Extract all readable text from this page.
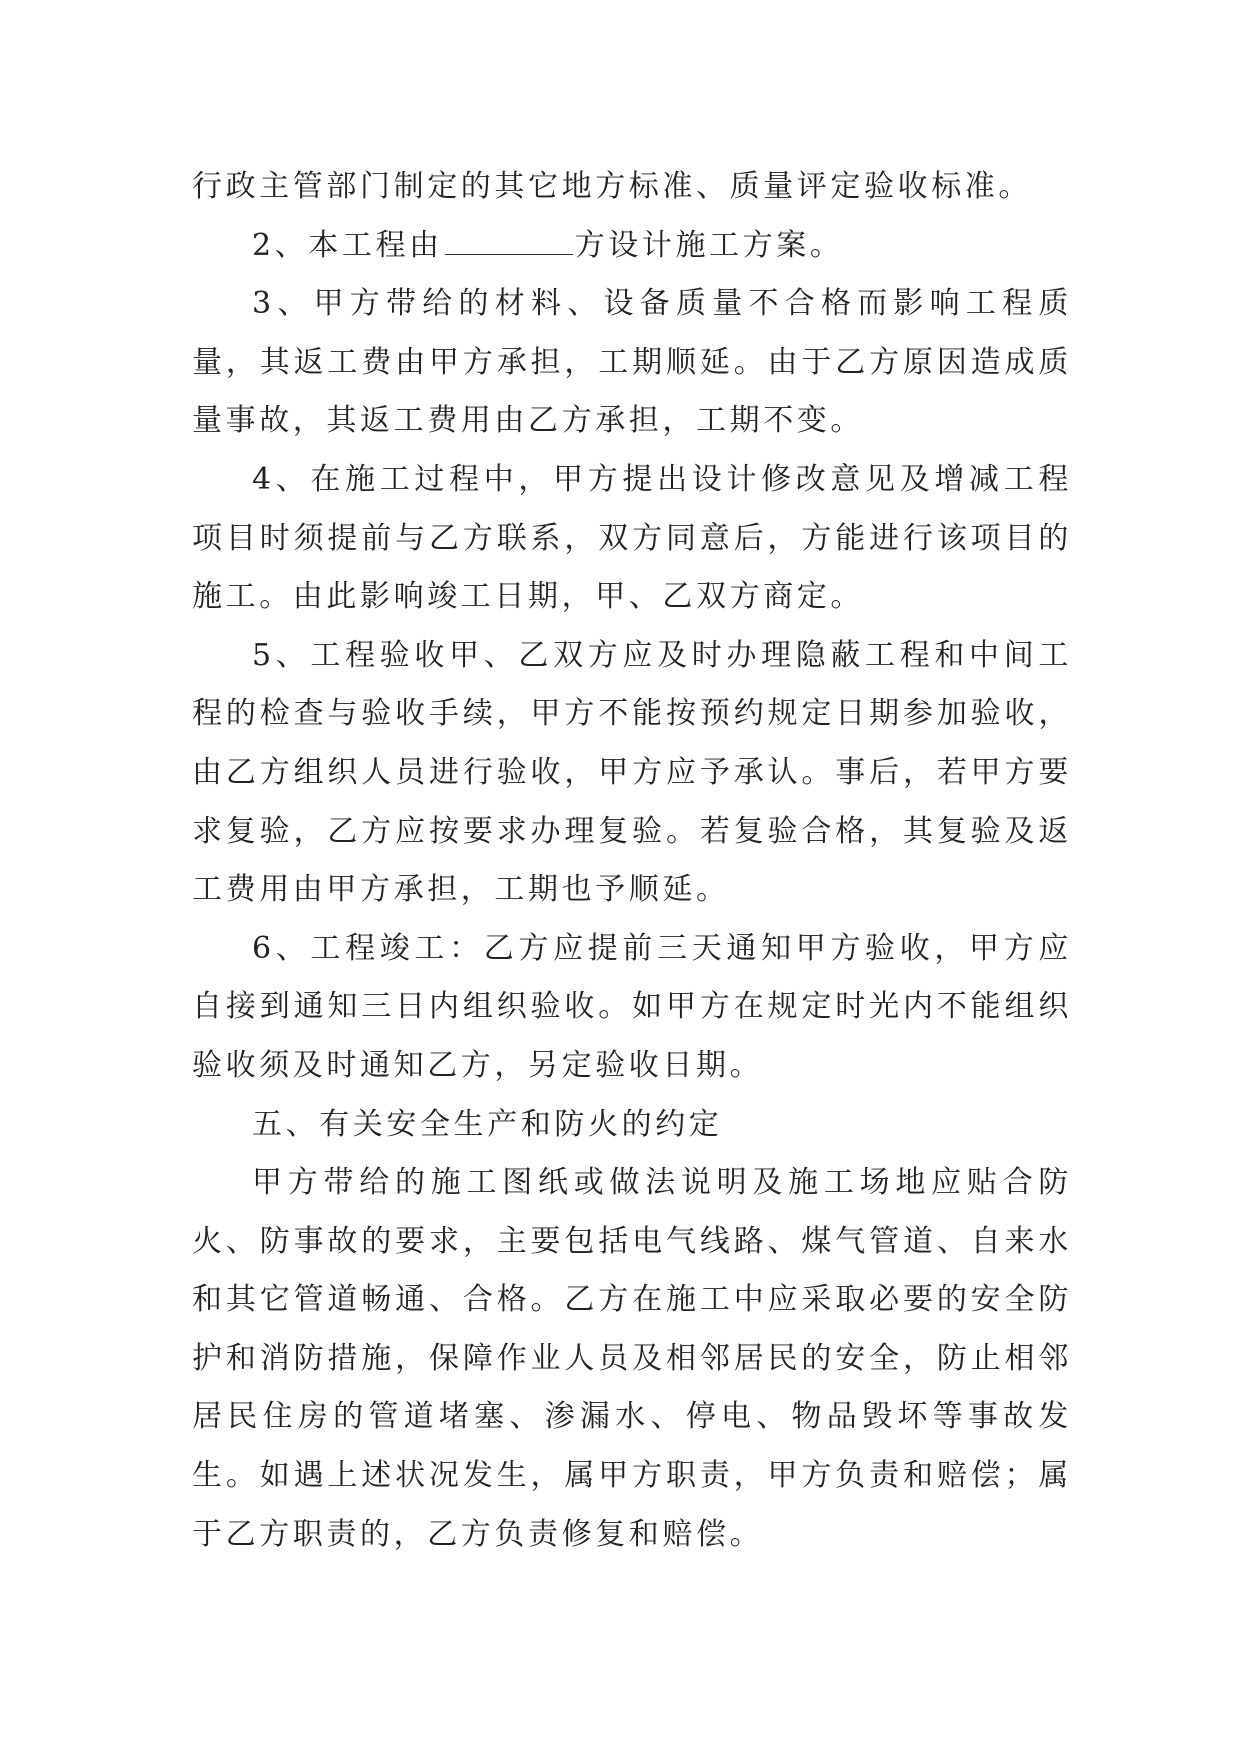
行政主管部门制定的其它地方标准、质量评定验收标准。

2、本工程由	方设计施工方案。

3、甲方带给的材料、设备质量不合格而影响工程质量，其返工费由甲方承担，工期顺延。由于乙方原因造成质量事故，其返工费用由乙方承担，工期不变。

4、在施工过程中，甲方提出设计修改意见及增减工程项目时须提前与乙方联系，双方同意后，方能进行该项目的施工。由此影响竣工日期，甲、乙双方商定。

5、工程验收甲、乙双方应及时办理隐蔽工程和中间工程的检查与验收手续，甲方不能按预约规定日期参加验收，由乙方组织人员进行验收，甲方应予承认。事后，若甲方要求复验，乙方应按要求办理复验。若复验合格，其复验及返工费用由甲方承担，工期也予顺延。

6、工程竣工：乙方应提前三天通知甲方验收，甲方应自接到通知三日内组织验收。如甲方在规定时光内不能组织验收须及时通知乙方，另定验收日期。

五、有关安全生产和防火的约定

甲方带给的施工图纸或做法说明及施工场地应贴合防火、防事故的要求，主要包括电气线路、煤气管道、自来水和其它管道畅通、合格。乙方在施工中应采取必要的安全防护和消防措施，保障作业人员及相邻居民的安全，防止相邻居民住房的管道堵塞、渗漏水、停电、物品毁坏等事故发生。如遇上述状况发生，属甲方职责，甲方负责和赔偿；属于乙方职责的，乙方负责修复和赔偿。
